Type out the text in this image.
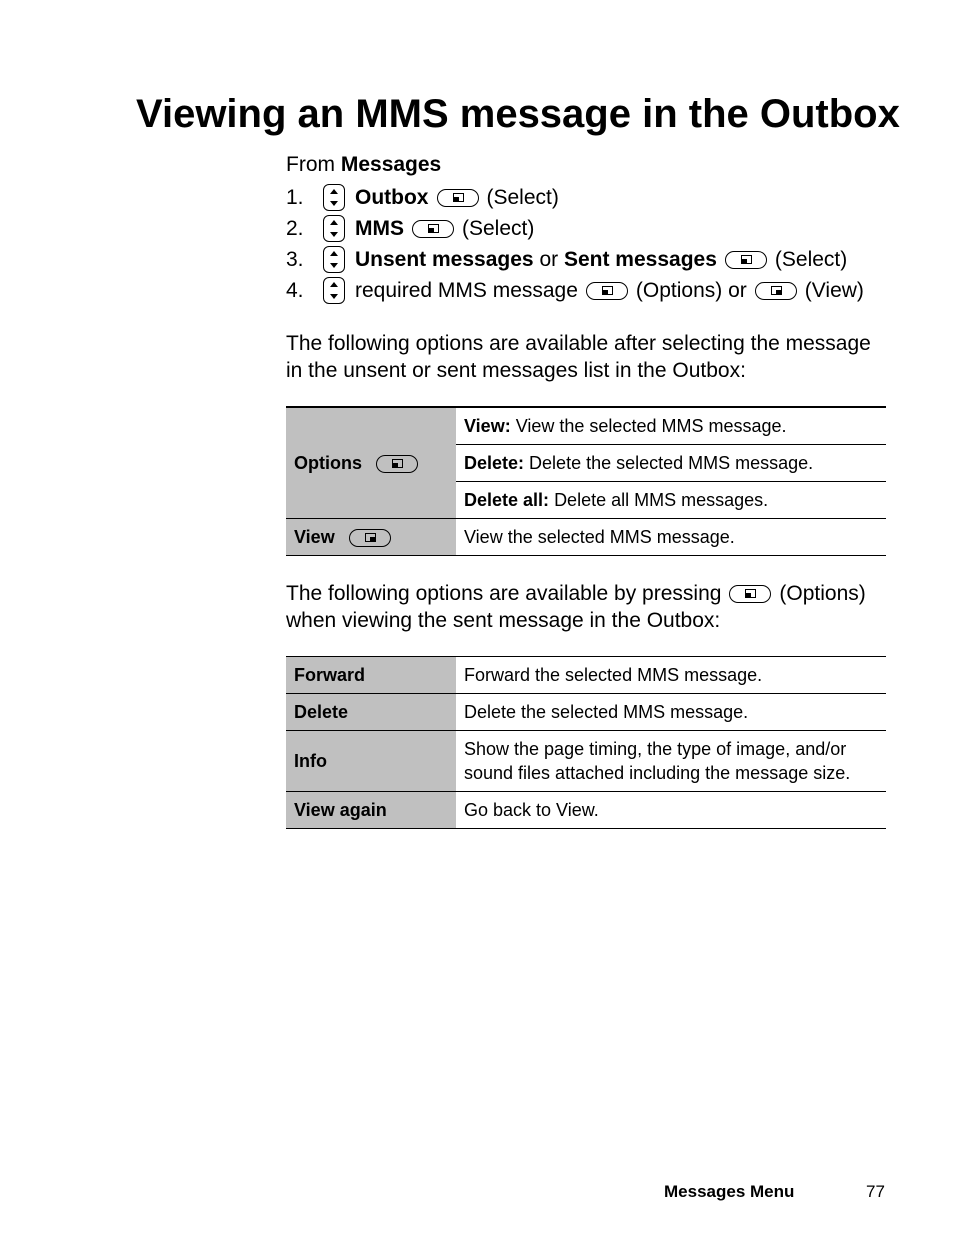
Viewing an MMS message in the Outbox
From Messages
1.	Outbox	(Select)
2.	MMS	(Select)
3.	Unsent messages
or
Sent messages	(Select)
4.	required MMS message	(Options) or	(View)
The following options are available after selecting the message in the unsent or sent messages list in the Outbox:
Options	View: View the selected MMS message.
	Delete: Delete the selected MMS message.
	Delete all: Delete all MMS messages.
View	View the selected MMS message.
The following options are available by pressing	(Options) when viewing the sent message in the Outbox:
Forward	Forward the selected MMS message.
Delete	Delete the selected MMS message.
Info	Show the page timing, the type of image, and/or sound files attached including the message size.
View again	Go back to View.
Messages Menu	77
